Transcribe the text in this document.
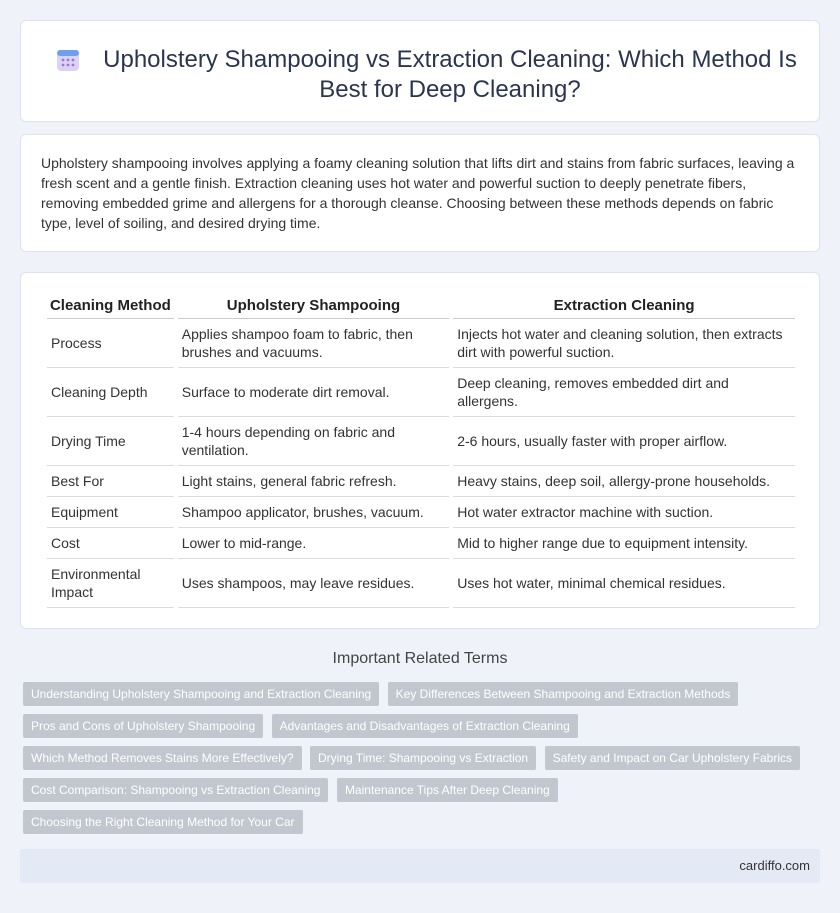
Upholstery Shampooing vs Extraction Cleaning: Which Method Is Best for Deep Cleaning?

Upholstery shampooing involves applying a foamy cleaning solution that lifts dirt and stains from fabric surfaces, leaving a fresh scent and a gentle finish. Extraction cleaning uses hot water and powerful suction to deeply penetrate fibers, removing embedded grime and allergens for a thorough cleanse. Choosing between these methods depends on fabric type, level of soiling, and desired drying time.

Cleaning Method	Upholstery Shampooing	Extraction Cleaning
Process	Applies shampoo foam to fabric, then brushes and vacuums.	Injects hot water and cleaning solution, then extracts dirt with powerful suction.
Cleaning Depth	Surface to moderate dirt removal.	Deep cleaning, removes embedded dirt and allergens.
Drying Time	1-4 hours depending on fabric and ventilation.	2-6 hours, usually faster with proper airflow.
Best For	Light stains, general fabric refresh.	Heavy stains, deep soil, allergy-prone households.
Equipment	Shampoo applicator, brushes, vacuum.	Hot water extractor machine with suction.
Cost	Lower to mid-range.	Mid to higher range due to equipment intensity.
Environmental Impact	Uses shampoos, may leave residues.	Uses hot water, minimal chemical residues.
Important Related Terms
Understanding Upholstery Shampooing and Extraction Cleaning Key Differences Between Shampooing and Extraction Methods Pros and Cons of Upholstery Shampooing Advantages and Disadvantages of Extraction Cleaning Which Method Removes Stains More Effectively? Drying Time: Shampooing vs Extraction Safety and Impact on Car Upholstery Fabrics Cost Comparison: Shampooing vs Extraction Cleaning Maintenance Tips After Deep Cleaning Choosing the Right Cleaning Method for Your Car
cardiffo.com
